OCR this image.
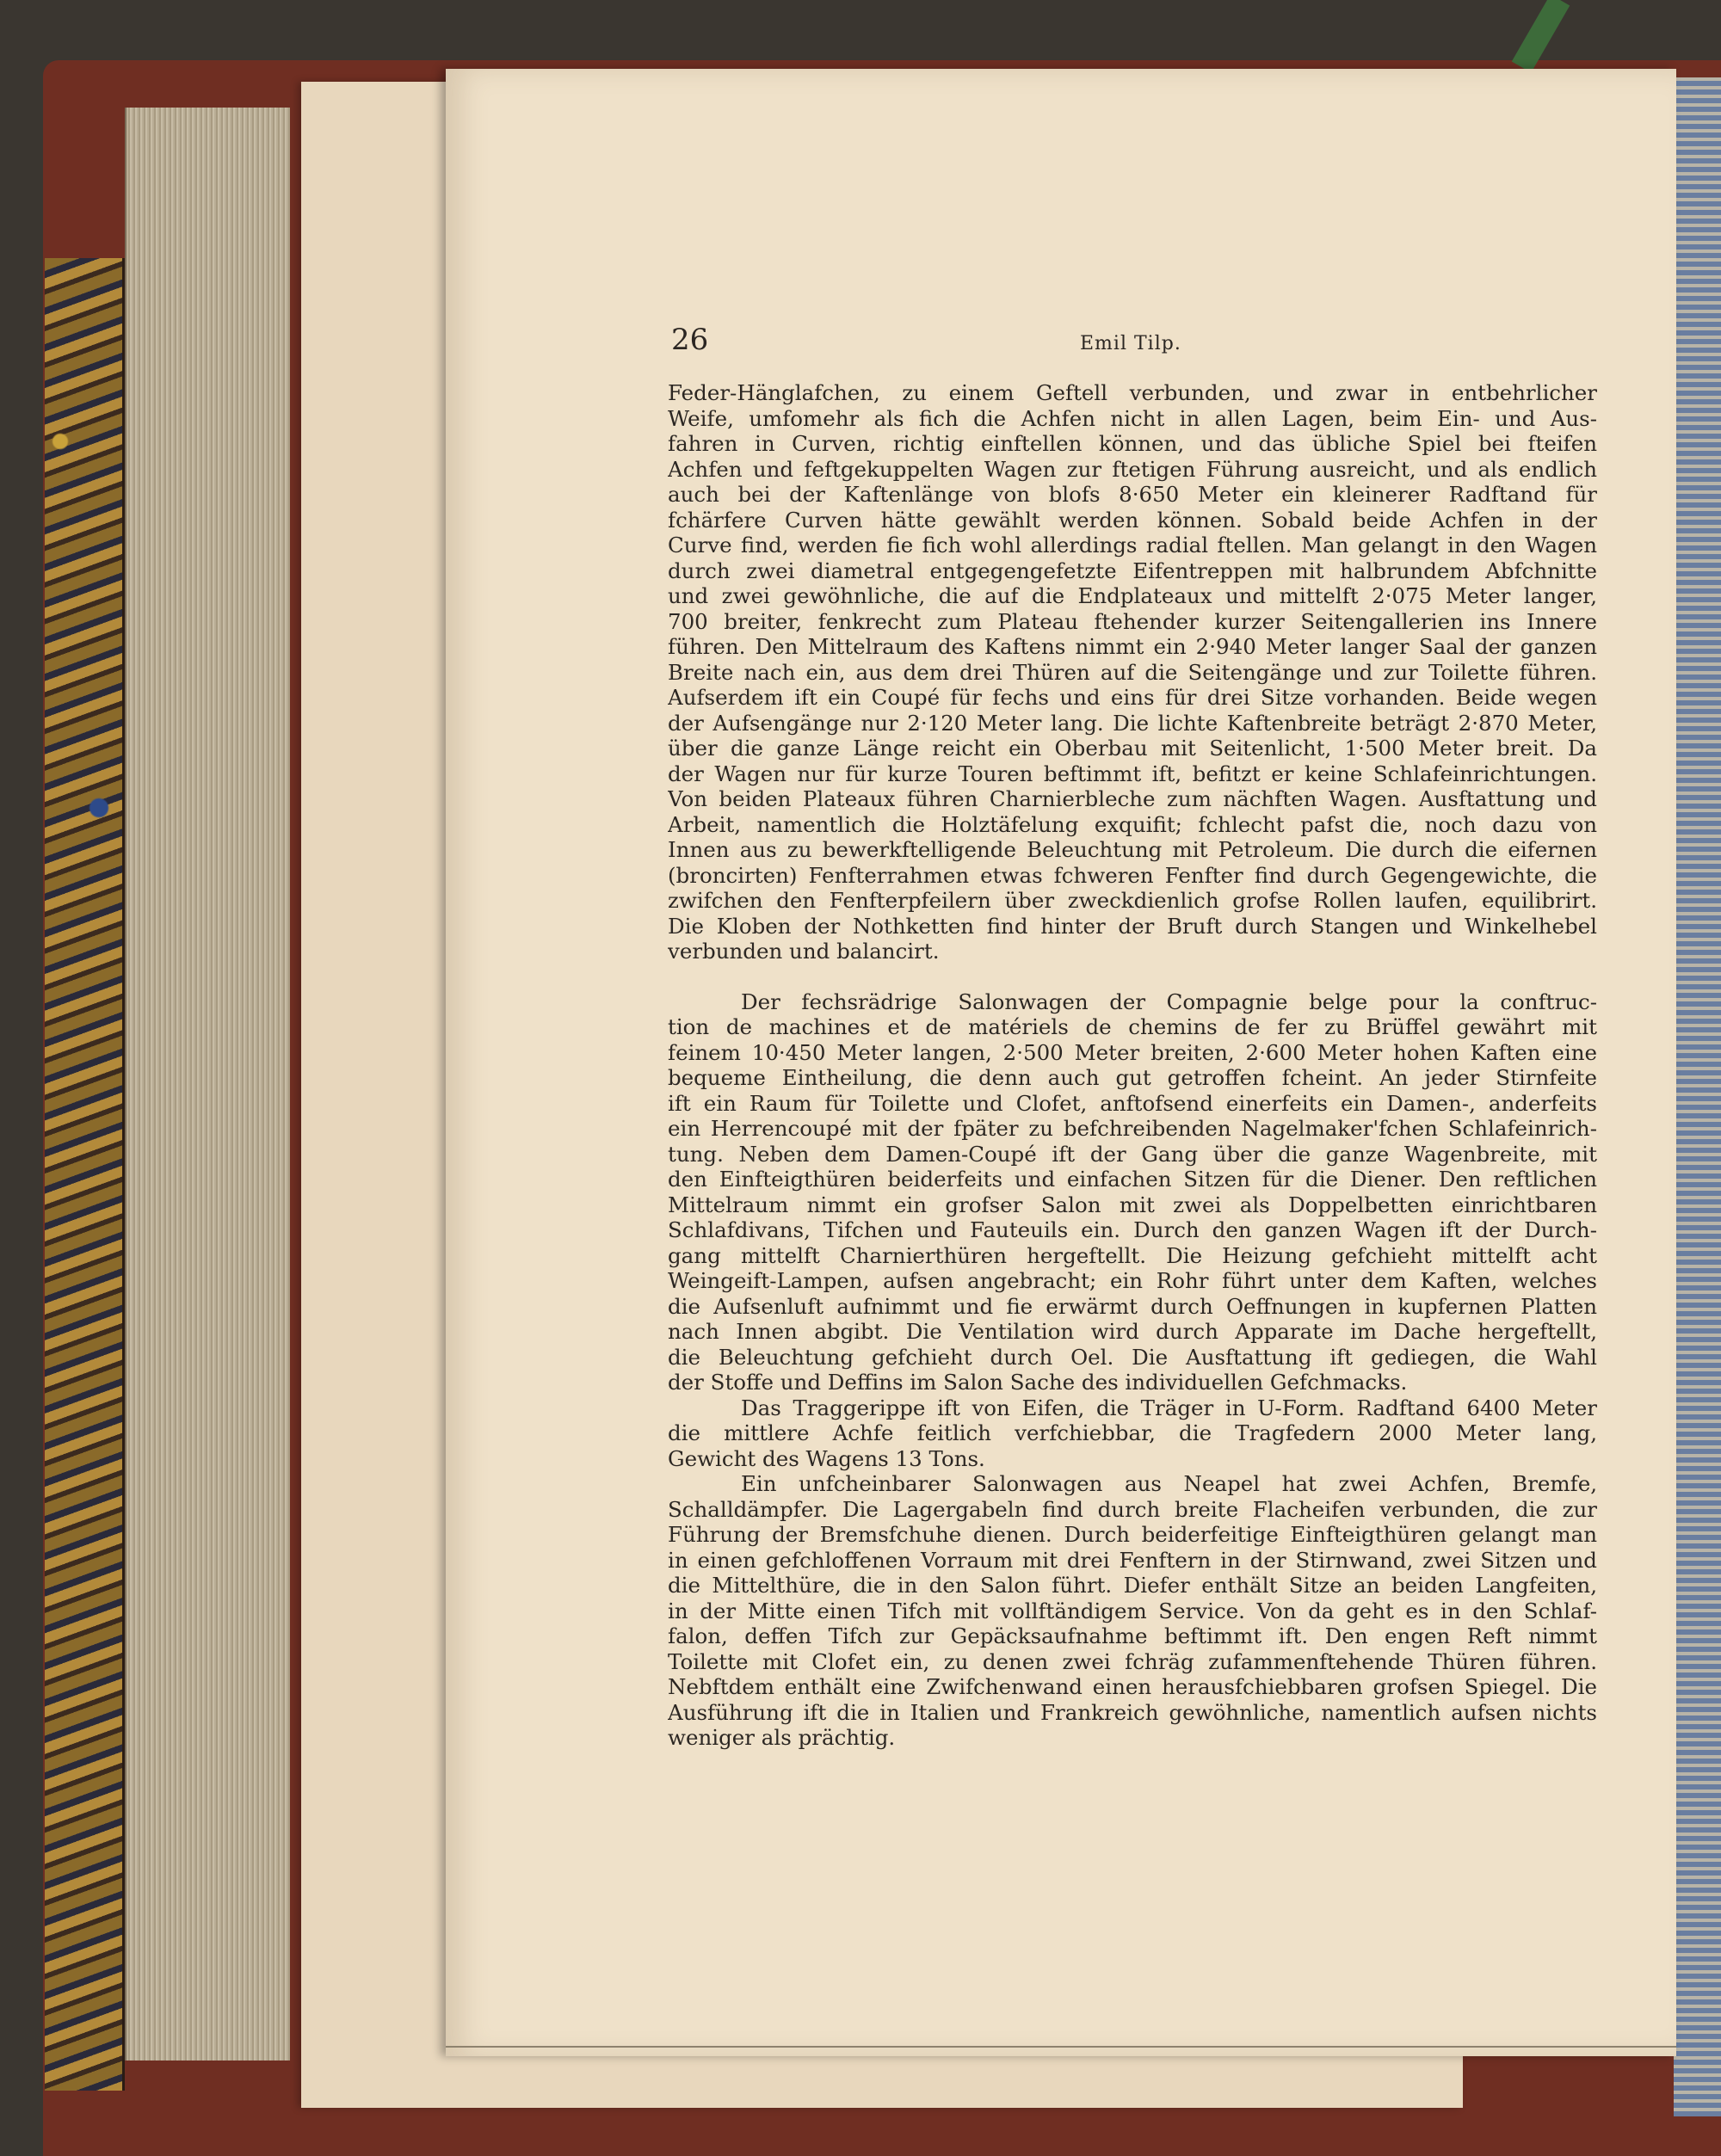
26	Emil Tilp.
Feder-Hänglafchen, zu einem Geftell verbunden, und zwar in entbehrlicher
Weife, umfomehr als fich die Achfen nicht in allen Lagen, beim Ein- und Aus-
fahren in Curven, richtig einftellen können, und das übliche Spiel bei fteifen
Achfen und feftgekuppelten Wagen zur ftetigen Führung ausreicht, und als endlich
auch bei der Kaftenlänge von blofs 8·650 Meter ein kleinerer Radftand für
fchärfere Curven hätte gewählt werden können. Sobald beide Achfen in der
Curve find, werden fie fich wohl allerdings radial ftellen. Man gelangt in den Wagen
durch zwei diametral entgegengefetzte Eifentreppen mit halbrundem Abfchnitte
und zwei gewöhnliche, die auf die Endplateaux und mittelft 2·075 Meter langer,
700 breiter, fenkrecht zum Plateau ftehender kurzer Seitengallerien ins Innere
führen. Den Mittelraum des Kaftens nimmt ein 2·940 Meter langer Saal der ganzen
Breite nach ein, aus dem drei Thüren auf die Seitengänge und zur Toilette führen.
Aufserdem ift ein Coupé für fechs und eins für drei Sitze vorhanden. Beide wegen
der Aufsengänge nur 2·120 Meter lang. Die lichte Kaftenbreite beträgt 2·870 Meter,
über die ganze Länge reicht ein Oberbau mit Seitenlicht, 1·500 Meter breit. Da
der Wagen nur für kurze Touren beftimmt ift, befitzt er keine Schlafeinrichtungen.
Von beiden Plateaux führen Charnierbleche zum nächften Wagen. Ausftattung und
Arbeit, namentlich die Holztäfelung exquifit; fchlecht pafst die, noch dazu von
Innen aus zu bewerkftelligende Beleuchtung mit Petroleum. Die durch die eifernen
(broncirten) Fenfterrahmen etwas fchweren Fenfter find durch Gegengewichte, die
zwifchen den Fenfterpfeilern über zweckdienlich grofse Rollen laufen, equilibrirt.
Die Kloben der Nothketten find hinter der Bruft durch Stangen und Winkelhebel
verbunden und balancirt.
Der fechsrädrige Salonwagen der Compagnie belge pour la conftruc-
tion de machines et de matériels de chemins de fer zu Brüffel gewährt mit
feinem 10·450 Meter langen, 2·500 Meter breiten, 2·600 Meter hohen Kaften eine
bequeme Eintheilung, die denn auch gut getroffen fcheint. An jeder Stirnfeite
ift ein Raum für Toilette und Clofet, anftofsend einerfeits ein Damen-, anderfeits
ein Herrencoupé mit der fpäter zu befchreibenden Nagelmaker'fchen Schlafeinrich-
tung. Neben dem Damen-Coupé ift der Gang über die ganze Wagenbreite, mit
den Einfteigthüren beiderfeits und einfachen Sitzen für die Diener. Den reftlichen
Mittelraum nimmt ein grofser Salon mit zwei als Doppelbetten einrichtbaren
Schlafdivans, Tifchen und Fauteuils ein. Durch den ganzen Wagen ift der Durch-
gang mittelft Charnierthüren hergeftellt. Die Heizung gefchieht mittelft acht
Weingeift-Lampen, aufsen angebracht; ein Rohr führt unter dem Kaften, welches
die Aufsenluft aufnimmt und fie erwärmt durch Oeffnungen in kupfernen Platten
nach Innen abgibt. Die Ventilation wird durch Apparate im Dache hergeftellt,
die Beleuchtung gefchieht durch Oel. Die Ausftattung ift gediegen, die Wahl
der Stoffe und Deffins im Salon Sache des individuellen Gefchmacks.
Das Traggerippe ift von Eifen, die Träger in U-Form. Radftand 6400 Meter
die mittlere Achfe feitlich verfchiebbar, die Tragfedern 2000 Meter lang,
Gewicht des Wagens 13 Tons.
Ein unfcheinbarer Salonwagen aus Neapel hat zwei Achfen, Bremfe,
Schalldämpfer. Die Lagergabeln find durch breite Flacheifen verbunden, die zur
Führung der Bremsfchuhe dienen. Durch beiderfeitige Einfteigthüren gelangt man
in einen gefchloffenen Vorraum mit drei Fenftern in der Stirnwand, zwei Sitzen und
die Mittelthüre, die in den Salon führt. Diefer enthält Sitze an beiden Langfeiten,
in der Mitte einen Tifch mit vollftändigem Service. Von da geht es in den Schlaf-
falon, deffen Tifch zur Gepäcksaufnahme beftimmt ift. Den engen Reft nimmt
Toilette mit Clofet ein, zu denen zwei fchräg zufammenftehende Thüren führen.
Nebftdem enthält eine Zwifchenwand einen herausfchiebbaren grofsen Spiegel. Die
Ausführung ift die in Italien und Frankreich gewöhnliche, namentlich aufsen nichts
weniger als prächtig.
